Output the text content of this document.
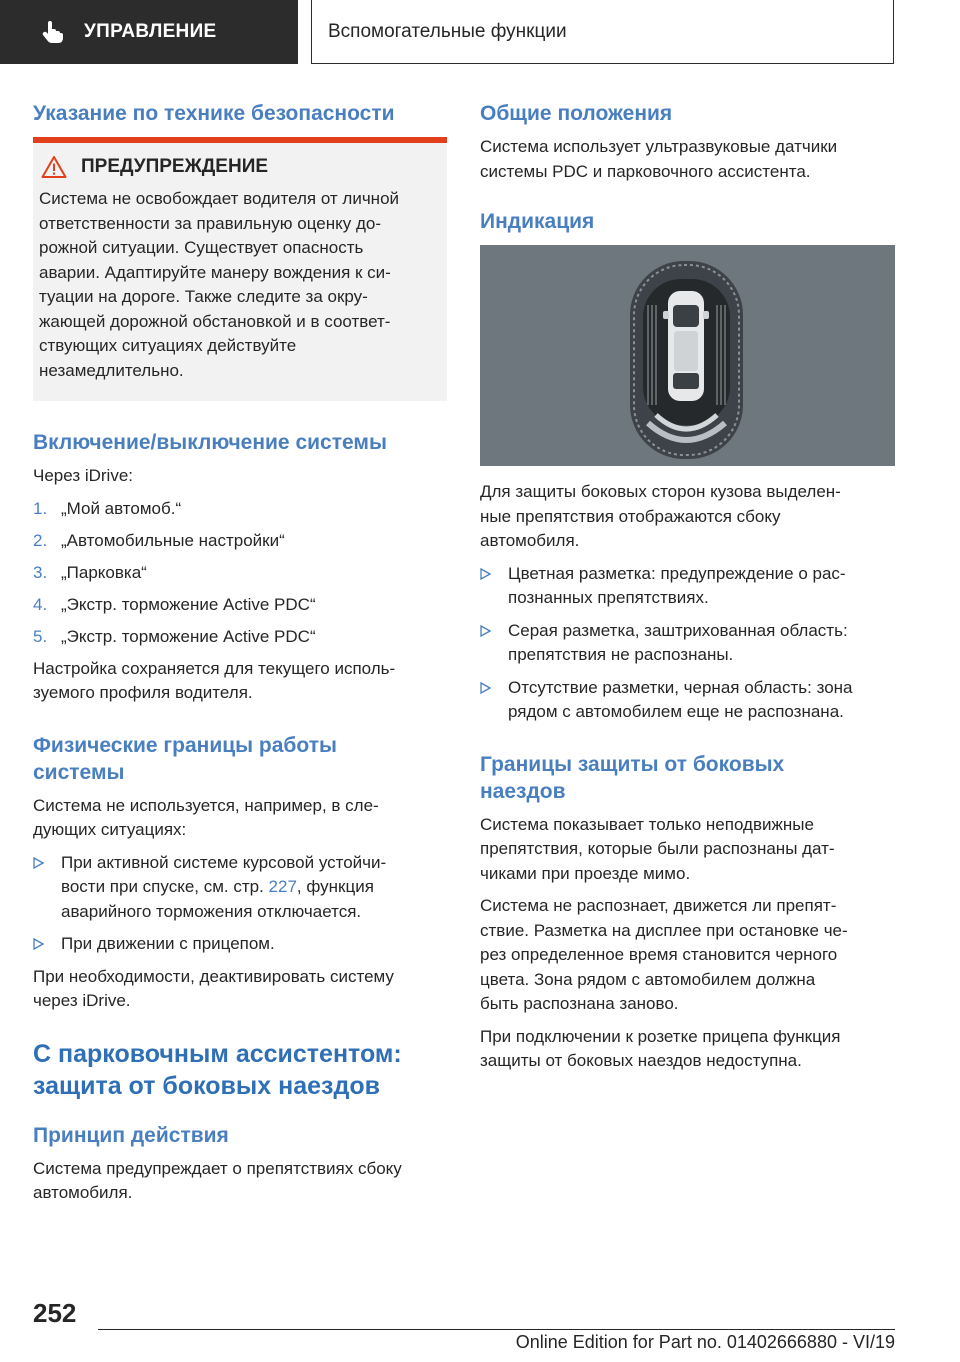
УПРАВЛЕНИЕ	Вспомогательные функции
Указание по технике безопасности
ПРЕДУПРЕЖДЕНИЕ

Система не освобождает водителя от личной
ответственности за правильную оценку до-
рожной ситуации. Существует опасность
аварии. Адаптируйте манеру вождения к си-
туации на дороге. Также следите за окру-
жающей дорожной обстановкой и в соответ-
ствующих ситуациях действуйте
незамедлительно.

Включение/выключение системы

Через iDrive:

1. „Мой автомоб.“
2. „Автомобильные настройки“
3. „Парковка“
4. „Экстр. торможение Active PDC“
5. „Экстр. торможение Active PDC“

Настройка сохраняется для текущего исполь-
зуемого профиля водителя.

Физические границы работы
системы

Система не используется, например, в сле-
дующих ситуациях:

При активной системе курсовой устойчи-
вости при спуске, см. стр. 227, функция
аварийного торможения отключается.
При движении с прицепом.

При необходимости, деактивировать систему
через iDrive.

С парковочным ассистентом:
защита от боковых наездов
Принцип действия

Система предупреждает о препятствиях сбоку
автомобиля.

Общие положения

Система использует ультразвуковые датчики
системы PDC и парковочного ассистента.

Индикация

Для защиты боковых сторон кузова выделен-
ные препятствия отображаются сбоку
автомобиля.

Цветная разметка: предупреждение о рас-
познанных препятствиях.
Серая разметка, заштрихованная область:
препятствия не распознаны.
Отсутствие разметки, черная область: зона
рядом с автомобилем еще не распознана.
Границы защиты от боковых
наездов

Система показывает только неподвижные
препятствия, которые были распознаны дат-
чиками при проезде мимо.

Система не распознает, движется ли препят-
ствие. Разметка на дисплее при остановке че-
рез определенное время становится черного
цвета. Зона рядом с автомобилем должна
быть распознана заново.

При подключении к розетке прицепа функция
защиты от боковых наездов недоступна.

252
Online Edition for Part no. 01402666880 - VI/19
